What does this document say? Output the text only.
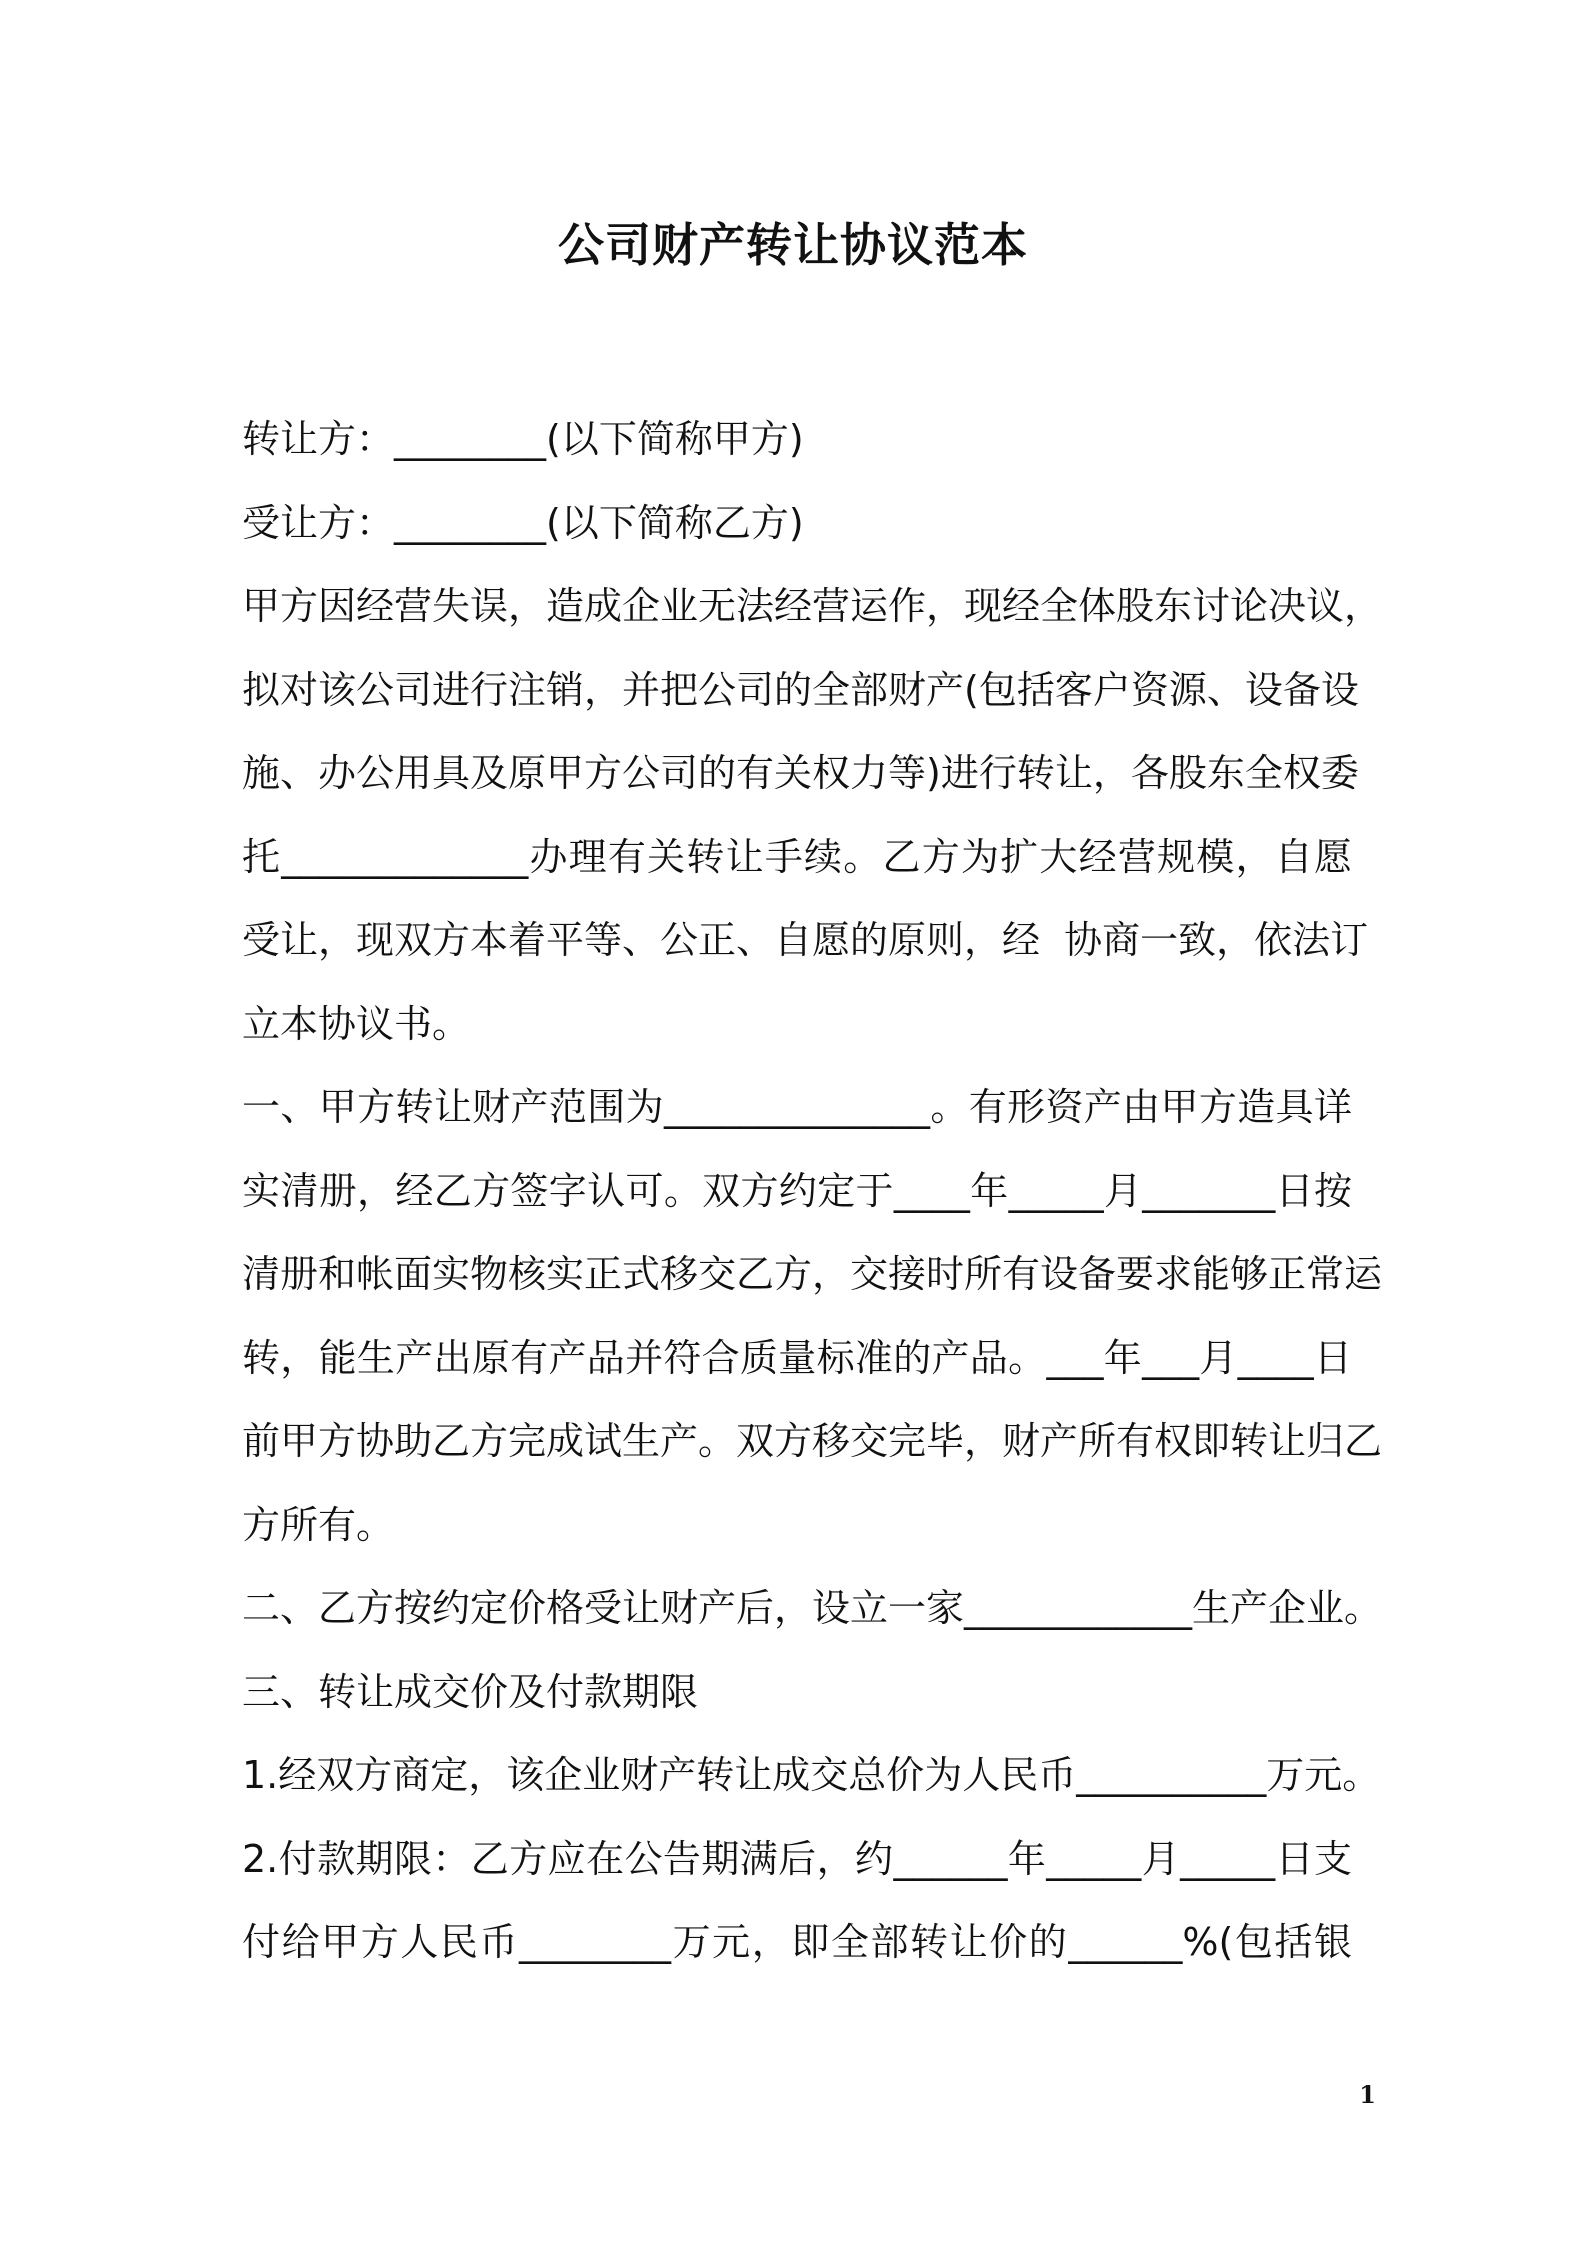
公司财产转让协议范本
转让方：________(以下简称甲方)
受让方：________(以下简称乙方)
甲方因经营失误，造成企业无法经营运作，现经全体股东讨论决议，
拟对该公司进行注销，并把公司的全部财产(包括客户资源、设备设
施、办公用具及原甲方公司的有关权力等)进行转让，各股东全权委
托_____________办理有关转让手续。乙方为扩大经营规模，自愿
受让，现双方本着平等、公正、自愿的原则，经  协商一致，依法订
立本协议书。
一、甲方转让财产范围为______________。有形资产由甲方造具详
实清册，经乙方签字认可。双方约定于____年_____月_______日按
清册和帐面实物核实正式移交乙方，交接时所有设备要求能够正常运
转，能生产出原有产品并符合质量标准的产品。___年___月____日
前甲方协助乙方完成试生产。双方移交完毕，财产所有权即转让归乙
方所有。
二、乙方按约定价格受让财产后，设立一家____________生产企业。
三、转让成交价及付款期限
1.经双方商定，该企业财产转让成交总价为人民币__________万元。
2.付款期限：乙方应在公告期满后，约______年_____月_____日支
付给甲方人民币________万元，即全部转让价的______%(包括银
1
